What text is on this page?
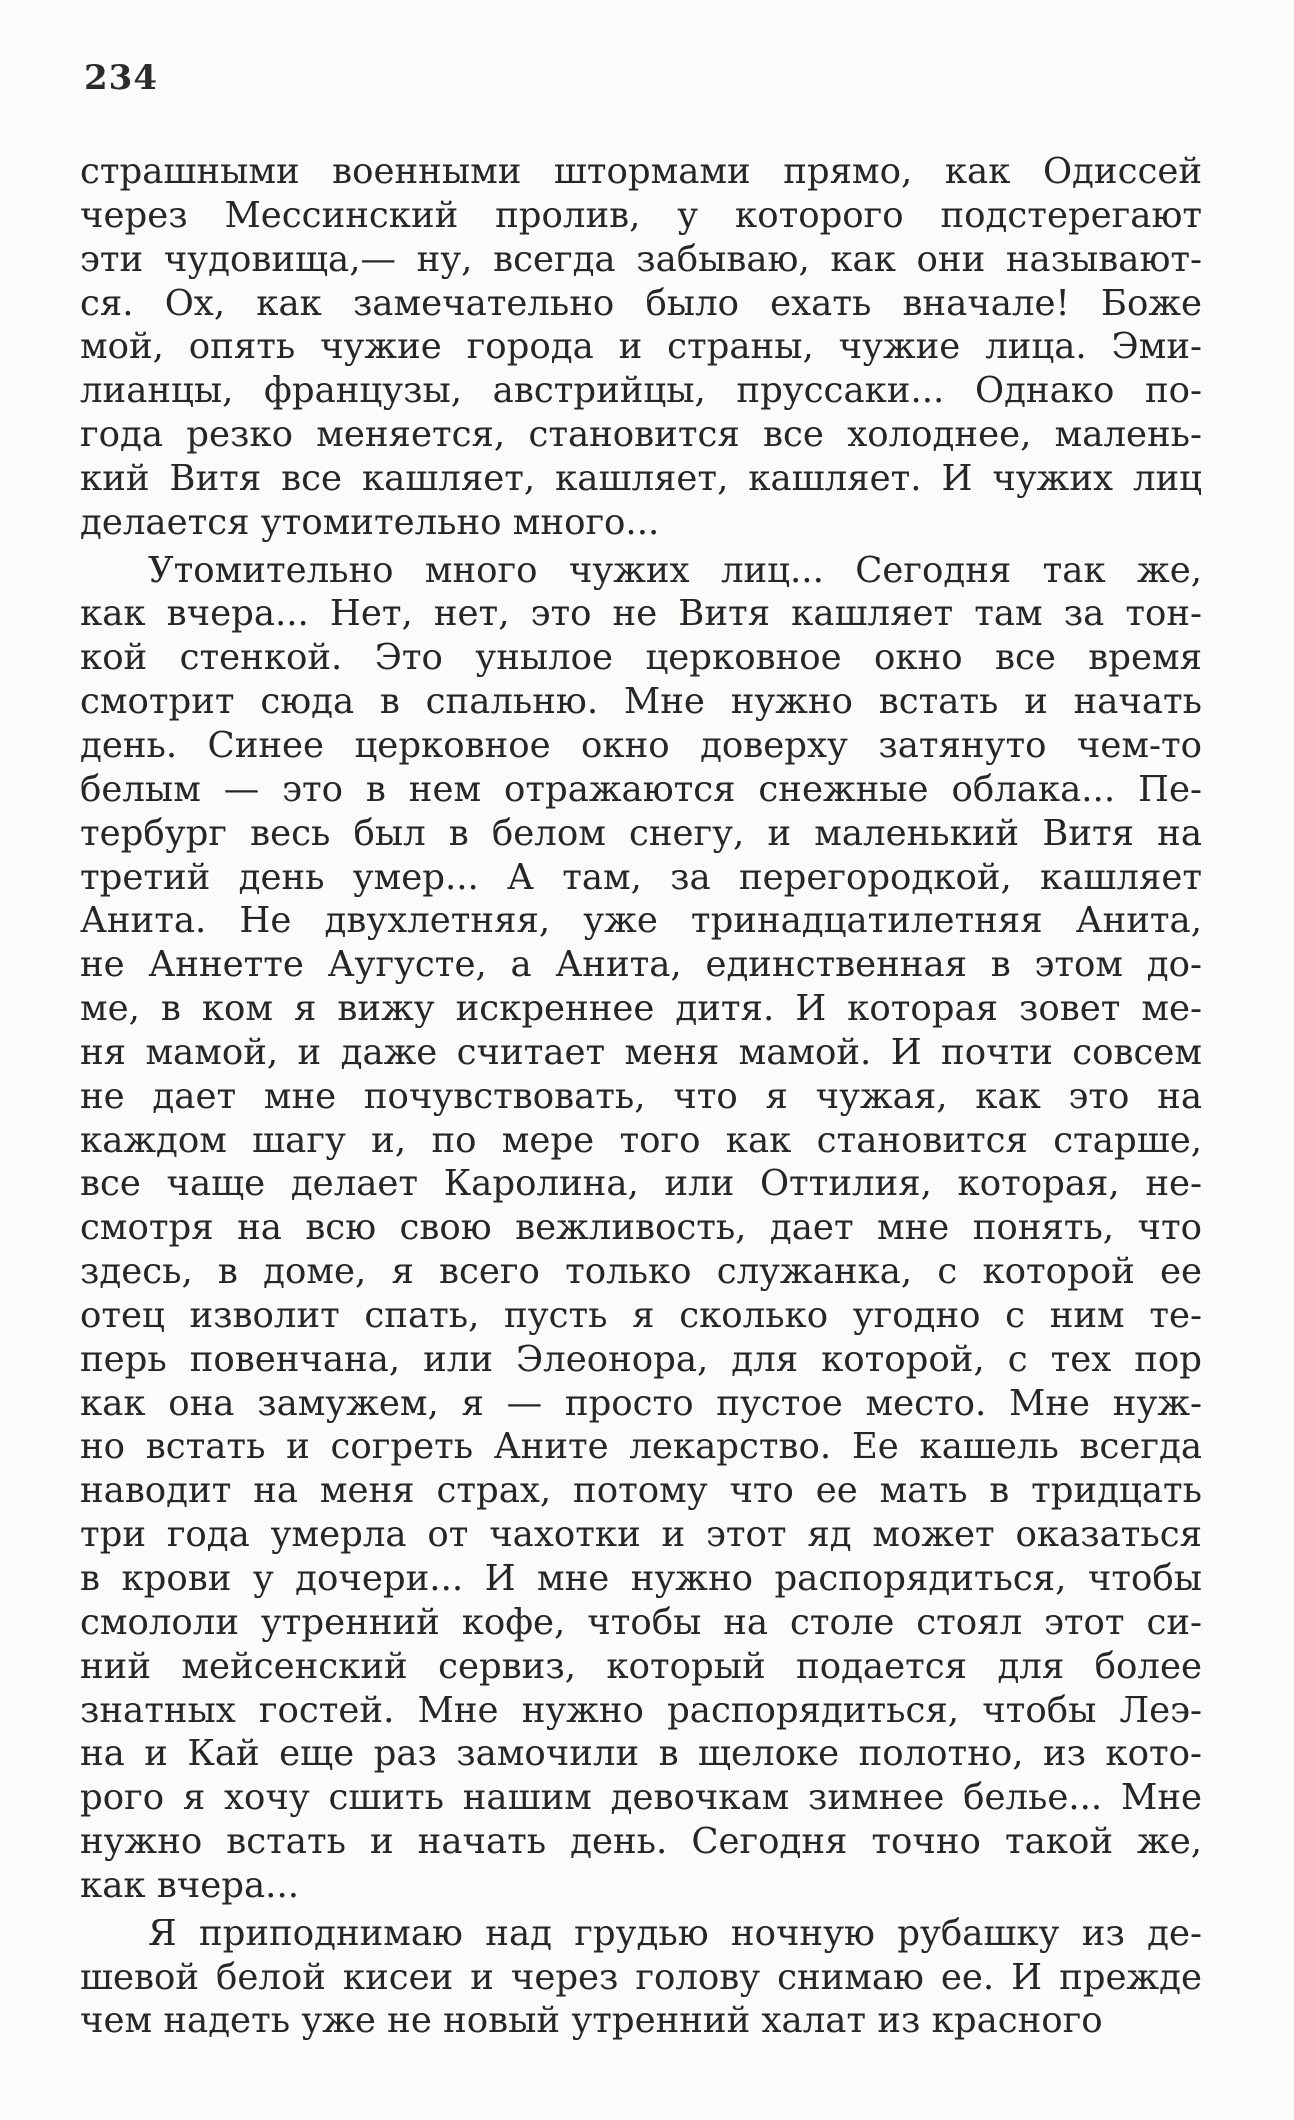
234
страшными военными штормами прямо, как Одиссей
через Мессинский пролив, у которого подстерегают
эти чудовища,— ну, всегда забываю, как они называют-
ся. Ох, как замечательно было ехать вначале! Боже
мой, опять чужие города и страны, чужие лица. Эми-
лианцы, французы, австрийцы, пруссаки... Однако по-
года резко меняется, становится все холоднее, малень-
кий Витя все кашляет, кашляет, кашляет. И чужих лиц
делается утомительно много...
Утомительно много чужих лиц... Сегодня так же,
как вчера... Нет, нет, это не Витя кашляет там за тон-
кой стенкой. Это унылое церковное окно все время
смотрит сюда в спальню. Мне нужно встать и начать
день. Синее церковное окно доверху затянуто чем-то
белым — это в нем отражаются снежные облака... Пе-
тербург весь был в белом снегу, и маленький Витя на
третий день умер... А там, за перегородкой, кашляет
Анита. Не двухлетняя, уже тринадцатилетняя Анита,
не Аннетте Аугусте, а Анита, единственная в этом до-
ме, в ком я вижу искреннее дитя. И которая зовет ме-
ня мамой, и даже считает меня мамой. И почти совсем
не дает мне почувствовать, что я чужая, как это на
каждом шагу и, по мере того как становится старше,
все чаще делает Каролина, или Оттилия, которая, не-
смотря на всю свою вежливость, дает мне понять, что
здесь, в доме, я всего только служанка, с которой ее
отец изволит спать, пусть я сколько угодно с ним те-
перь повенчана, или Элеонора, для которой, с тех пор
как она замужем, я — просто пустое место. Мне нуж-
но встать и согреть Аните лекарство. Ее кашель всегда
наводит на меня страх, потому что ее мать в тридцать
три года умерла от чахотки и этот яд может оказаться
в крови у дочери... И мне нужно распорядиться, чтобы
смололи утренний кофе, чтобы на столе стоял этот си-
ний мейсенский сервиз, который подается для более
знатных гостей. Мне нужно распорядиться, чтобы Леэ-
на и Кай еще раз замочили в щелоке полотно, из кото-
рого я хочу сшить нашим девочкам зимнее белье... Мне
нужно встать и начать день. Сегодня точно такой же,
как вчера...
Я приподнимаю над грудью ночную рубашку из де-
шевой белой кисеи и через голову снимаю ее. И прежде
чем надеть уже не новый утренний халат из красного
